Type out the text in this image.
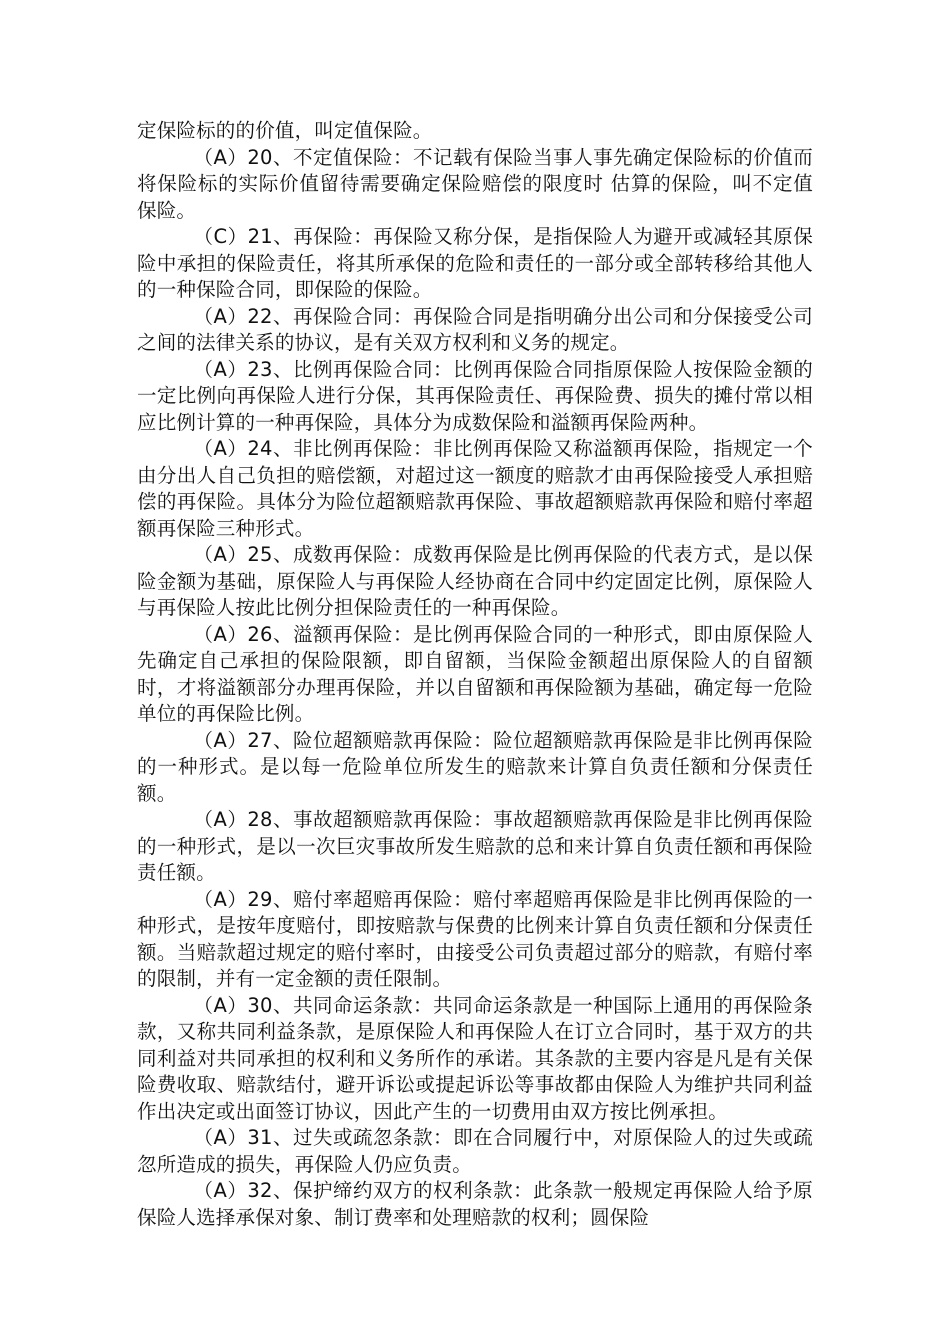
定保险标的的价值，叫定值保险。

（A）20、不定值保险：不记载有保险当事人事先确定保险标的价值而将保险标的实际价值留待需要确定保险赔偿的限度时 估算的保险，叫不定值保险。

（C）21、再保险：再保险又称分保，是指保险人为避开或减轻其原保险中承担的保险责任，将其所承保的危险和责任的一部分或全部转移给其他人的一种保险合同，即保险的保险。

（A）22、再保险合同：再保险合同是指明确分出公司和分保接受公司之间的法律关系的协议，是有关双方权利和义务的规定。

（A）23、比例再保险合同：比例再保险合同指原保险人按保险金额的一定比例向再保险人进行分保，其再保险责任、再保险费、损失的摊付常以相应比例计算的一种再保险，具体分为成数保险和溢额再保险两种。

（A）24、非比例再保险：非比例再保险又称溢额再保险，指规定一个由分出人自己负担的赔偿额，对超过这一额度的赔款才由再保险接受人承担赔偿的再保险。具体分为险位超额赔款再保险、事故超额赔款再保险和赔付率超额再保险三种形式。

（A）25、成数再保险：成数再保险是比例再保险的代表方式，是以保险金额为基础，原保险人与再保险人经协商在合同中约定固定比例，原保险人与再保险人按此比例分担保险责任的一种再保险。

（A）26、溢额再保险：是比例再保险合同的一种形式，即由原保险人先确定自己承担的保险限额，即自留额，当保险金额超出原保险人的自留额时，才将溢额部分办理再保险，并以自留额和再保险额为基础，确定每一危险单位的再保险比例。

（A）27、险位超额赔款再保险：险位超额赔款再保险是非比例再保险的一种形式。是以每一危险单位所发生的赔款来计算自负责任额和分保责任额。

（A）28、事故超额赔款再保险：事故超额赔款再保险是非比例再保险的一种形式，是以一次巨灾事故所发生赔款的总和来计算自负责任额和再保险责任额。

（A）29、赔付率超赔再保险：赔付率超赔再保险是非比例再保险的一种形式，是按年度赔付，即按赔款与保费的比例来计算自负责任额和分保责任额。当赔款超过规定的赔付率时，由接受公司负责超过部分的赔款，有赔付率的限制，并有一定金额的责任限制。

（A）30、共同命运条款：共同命运条款是一种国际上通用的再保险条款，又称共同利益条款，是原保险人和再保险人在订立合同时，基于双方的共同利益对共同承担的权利和义务所作的承诺。其条款的主要内容是凡是有关保险费收取、赔款结付，避开诉讼或提起诉讼等事故都由保险人为维护共同利益作出决定或出面签订协议，因此产生的一切费用由双方按比例承担。

（A）31、过失或疏忽条款：即在合同履行中，对原保险人的过失或疏忽所造成的损失，再保险人仍应负责。

（A）32、保护缔约双方的权利条款：此条款一般规定再保险人给予原保险人选择承保对象、制订费率和处理赔款的权利；圆保险
